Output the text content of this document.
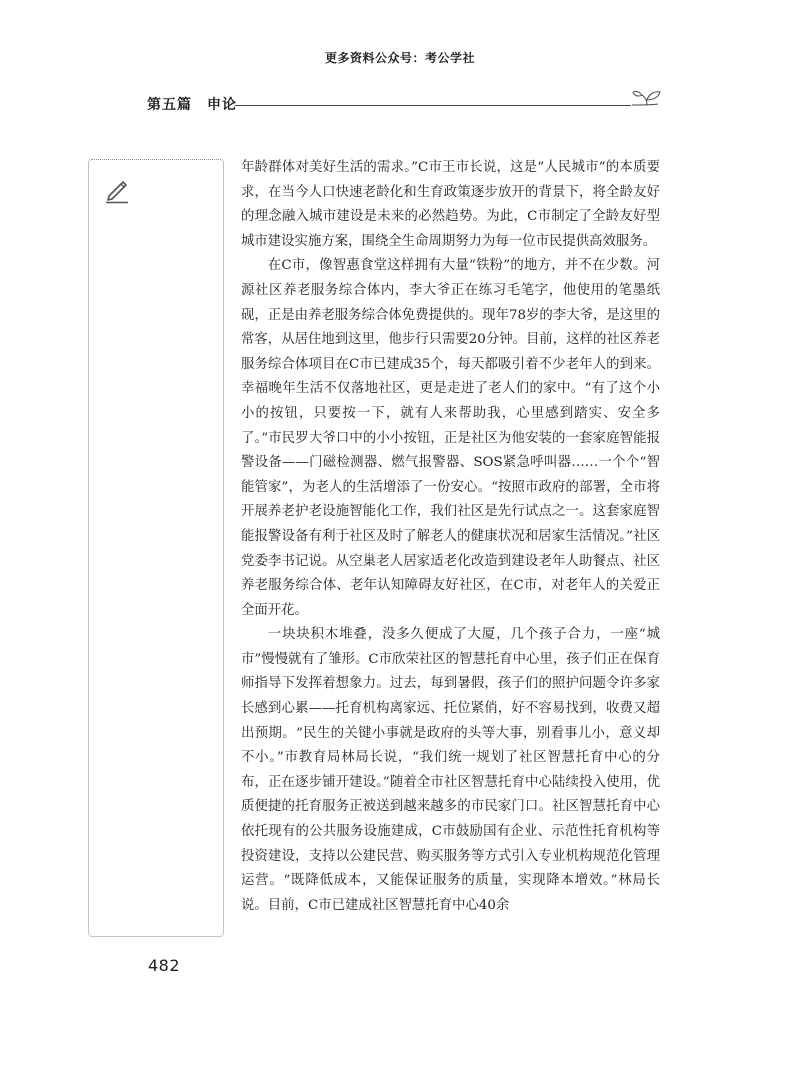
更多资料公众号：考公学社
第五篇　申论

年龄群体对美好生活的需求。”C市王市长说，这是“人民城市”的本质要求，在当今人口快速老龄化和生育政策逐步放开的背景下，将全龄友好的理念融入城市建设是未来的必然趋势。为此，C市制定了全龄友好型城市建设实施方案，围绕全生命周期努力为每一位市民提供高效服务。

在C市，像智惠食堂这样拥有大量“铁粉”的地方，并不在少数。河源社区养老服务综合体内，李大爷正在练习毛笔字，他使用的笔墨纸砚，正是由养老服务综合体免费提供的。现年78岁的李大爷，是这里的常客，从居住地到这里，他步行只需要20分钟。目前，这样的社区养老服务综合体项目在C市已建成35个，每天都吸引着不少老年人的到来。幸福晚年生活不仅落地社区，更是走进了老人们的家中。“有了这个小小的按钮，只要按一下，就有人来帮助我，心里感到踏实、安全多了。”市民罗大爷口中的小小按钮，正是社区为他安装的一套家庭智能报警设备——门磁检测器、燃气报警器、SOS紧急呼叫器……一个个“智能管家”，为老人的生活增添了一份安心。“按照市政府的部署，全市将开展养老护老设施智能化工作，我们社区是先行试点之一。这套家庭智能报警设备有利于社区及时了解老人的健康状况和居家生活情况。”社区党委李书记说。从空巢老人居家适老化改造到建设老年人助餐点、社区养老服务综合体、老年认知障碍友好社区，在C市，对老年人的关爱正全面开花。

一块块积木堆叠，没多久便成了大厦，几个孩子合力，一座“城市”慢慢就有了雏形。C市欣荣社区的智慧托育中心里，孩子们正在保育师指导下发挥着想象力。过去，每到暑假，孩子们的照护问题令许多家长感到心累——托育机构离家远、托位紧俏，好不容易找到，收费又超出预期。“民生的关键小事就是政府的头等大事，别看事儿小，意义却不小。”市教育局林局长说，“我们统一规划了社区智慧托育中心的分布，正在逐步铺开建设。”随着全市社区智慧托育中心陆续投入使用，优质便捷的托育服务正被送到越来越多的市民家门口。社区智慧托育中心依托现有的公共服务设施建成，C市鼓励国有企业、示范性托育机构等投资建设，支持以公建民营、购买服务等方式引入专业机构规范化管理运营。“既降低成本，又能保证服务的质量，实现降本增效。”林局长说。目前，C市已建成社区智慧托育中心40余

482
